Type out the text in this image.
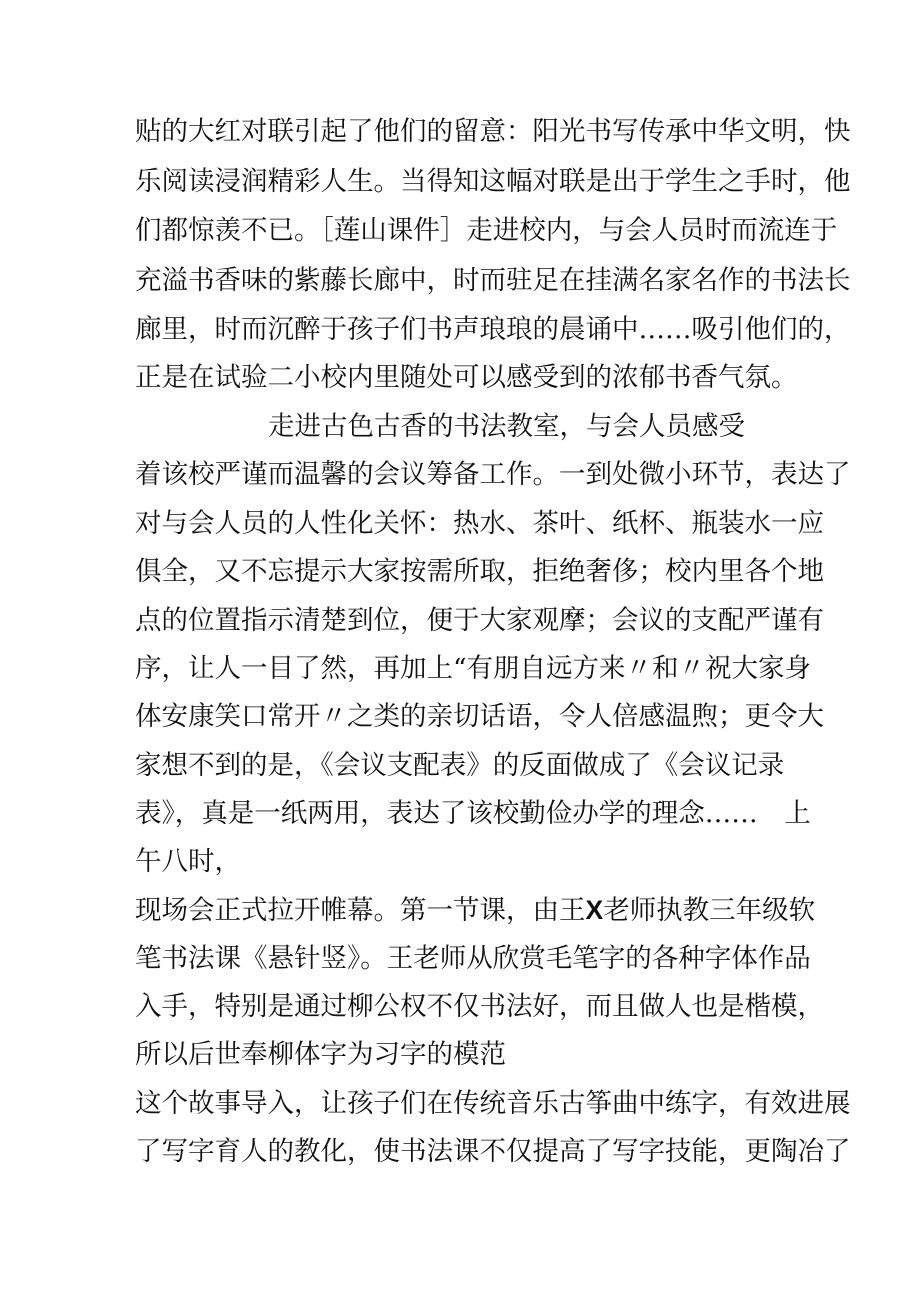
贴的大红对联引起了他们的留意：阳光书写传承中华文明，快

乐阅读浸润精彩人生。当得知这幅对联是出于学生之手时，他

们都惊羡不已。［莲山课件］走进校内，与会人员时而流连于

充溢书香味的紫藤长廊中，时而驻足在挂满名家名作的书法长

廊里，时而沉醉于孩子们书声琅琅的晨诵中……吸引他们的，

正是在试验二小校内里随处可以感受到的浓郁书香气氛。

走进古色古香的书法教室，与会人员感受

着该校严谨而温馨的会议筹备工作。一到处微小环节，表达了

对与会人员的人性化关怀：热水、茶叶、纸杯、瓶装水一应

俱全，又不忘提示大家按需所取，拒绝奢侈；校内里各个地

点的位置指示清楚到位，便于大家观摩；会议的支配严谨有

序，让人一目了然，再加上“有朋自远方来〃和〃祝大家身

体安康笑口常开〃之类的亲切话语，令人倍感温煦；更令大

家想不到的是，《会议支配表》的反面做成了《会议记录

表》，真是一纸两用，表达了该校勤俭办学的理念……　上

午八时，

现场会正式拉开帷幕。第一节课，由王X老师执教三年级软

笔书法课《悬针竖》。王老师从欣赏毛笔字的各种字体作品

入手，特别是通过柳公权不仅书法好，而且做人也是楷模，

所以后世奉柳体字为习字的模范

这个故事导入，让孩子们在传统音乐古筝曲中练字，有效进展

了写字育人的教化，使书法课不仅提高了写字技能，更陶冶了
